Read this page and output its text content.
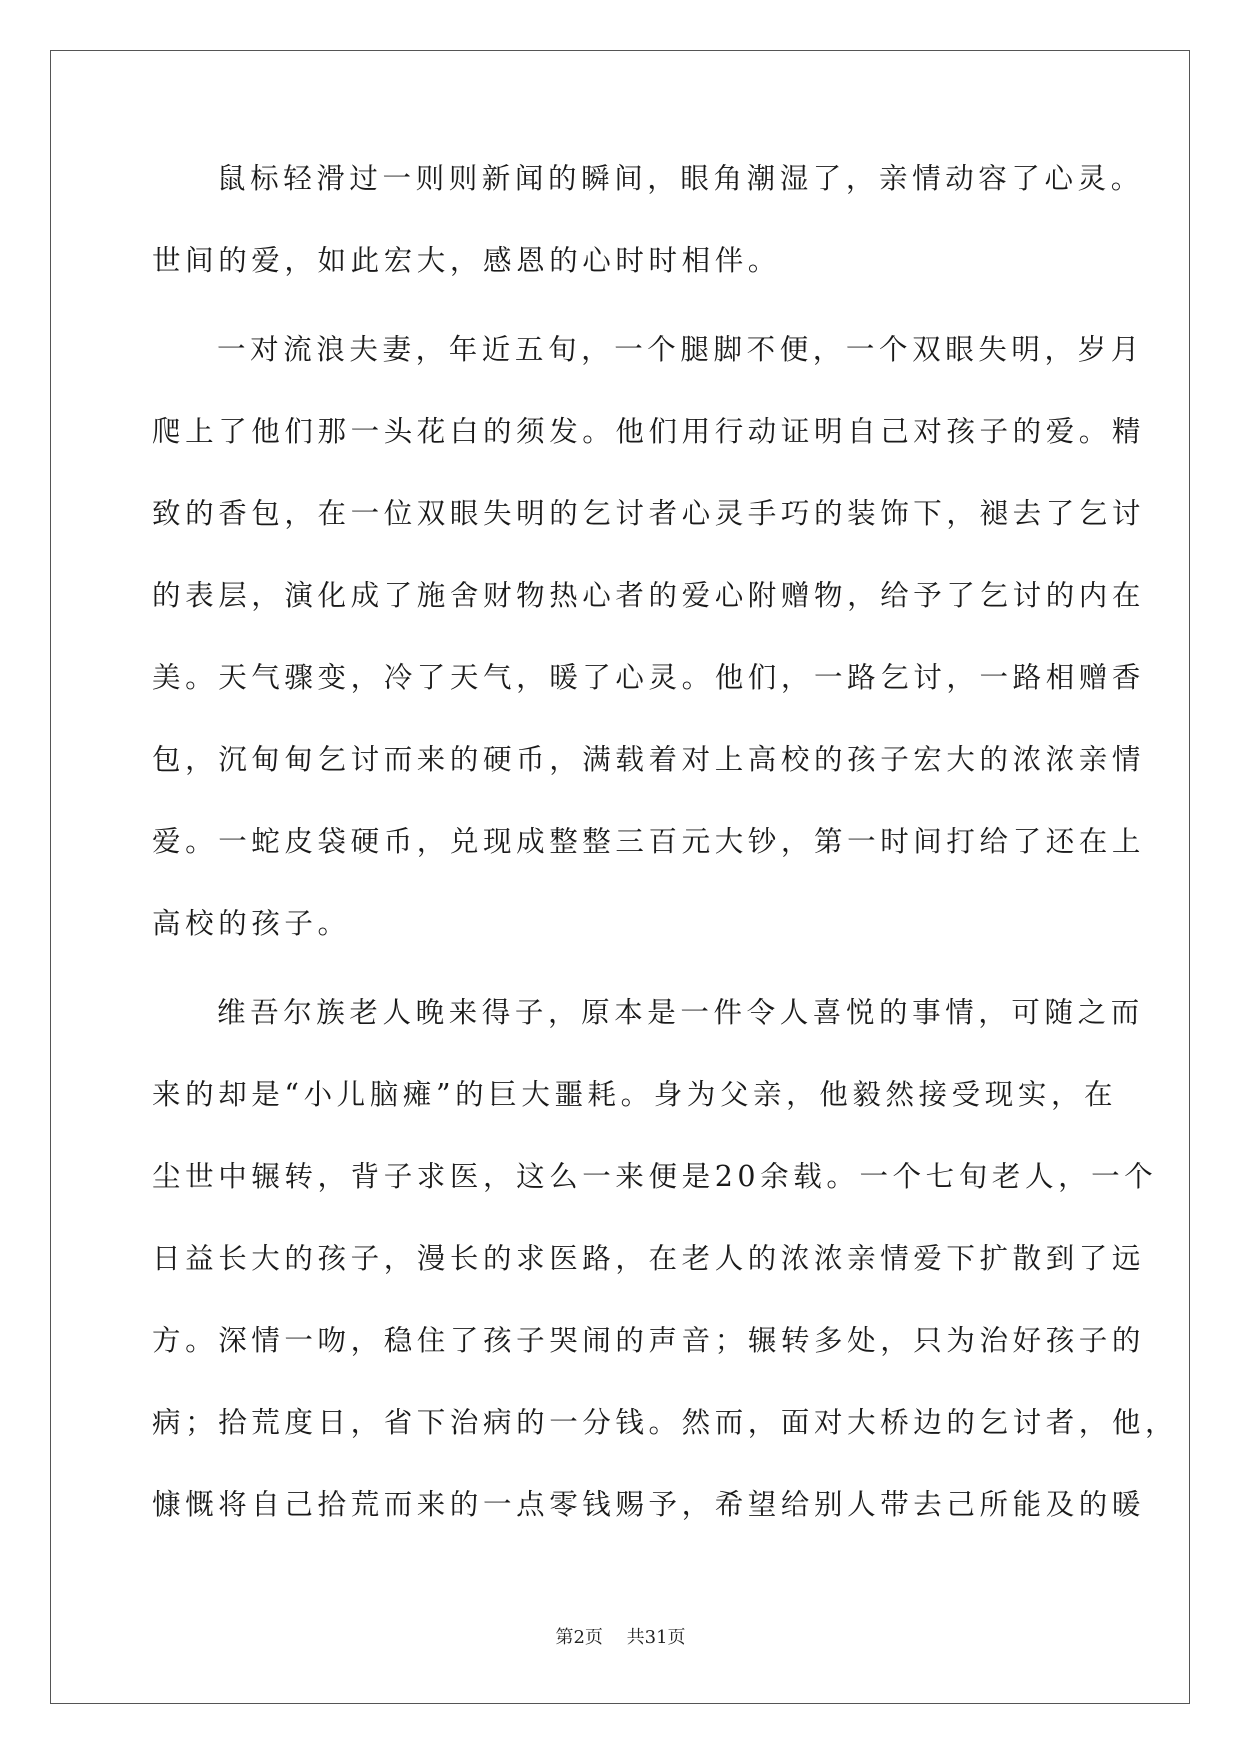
鼠标轻滑过一则则新闻的瞬间，眼角潮湿了，亲情动容了心灵。
世间的爱，如此宏大，感恩的心时时相伴。
一对流浪夫妻，年近五旬，一个腿脚不便，一个双眼失明，岁月
爬上了他们那一头花白的须发。他们用行动证明自己对孩子的爱。精
致的香包，在一位双眼失明的乞讨者心灵手巧的装饰下，褪去了乞讨
的表层，演化成了施舍财物热心者的爱心附赠物，给予了乞讨的内在
美。天气骤变，冷了天气，暖了心灵。他们，一路乞讨，一路相赠香
包，沉甸甸乞讨而来的硬币，满载着对上高校的孩子宏大的浓浓亲情
爱。一蛇皮袋硬币，兑现成整整三百元大钞，第一时间打给了还在上
高校的孩子。
维吾尔族老人晚来得子，原本是一件令人喜悦的事情，可随之而
来的却是“小儿脑瘫”的巨大噩耗。身为父亲，他毅然接受现实，在
尘世中辗转，背子求医，这么一来便是20余载。一个七旬老人，一个
日益长大的孩子，漫长的求医路，在老人的浓浓亲情爱下扩散到了远
方。深情一吻，稳住了孩子哭闹的声音；辗转多处，只为治好孩子的
病；拾荒度日，省下治病的一分钱。然而，面对大桥边的乞讨者，他，
慷慨将自己拾荒而来的一点零钱赐予，希望给别人带去己所能及的暖
第2页 共31页
